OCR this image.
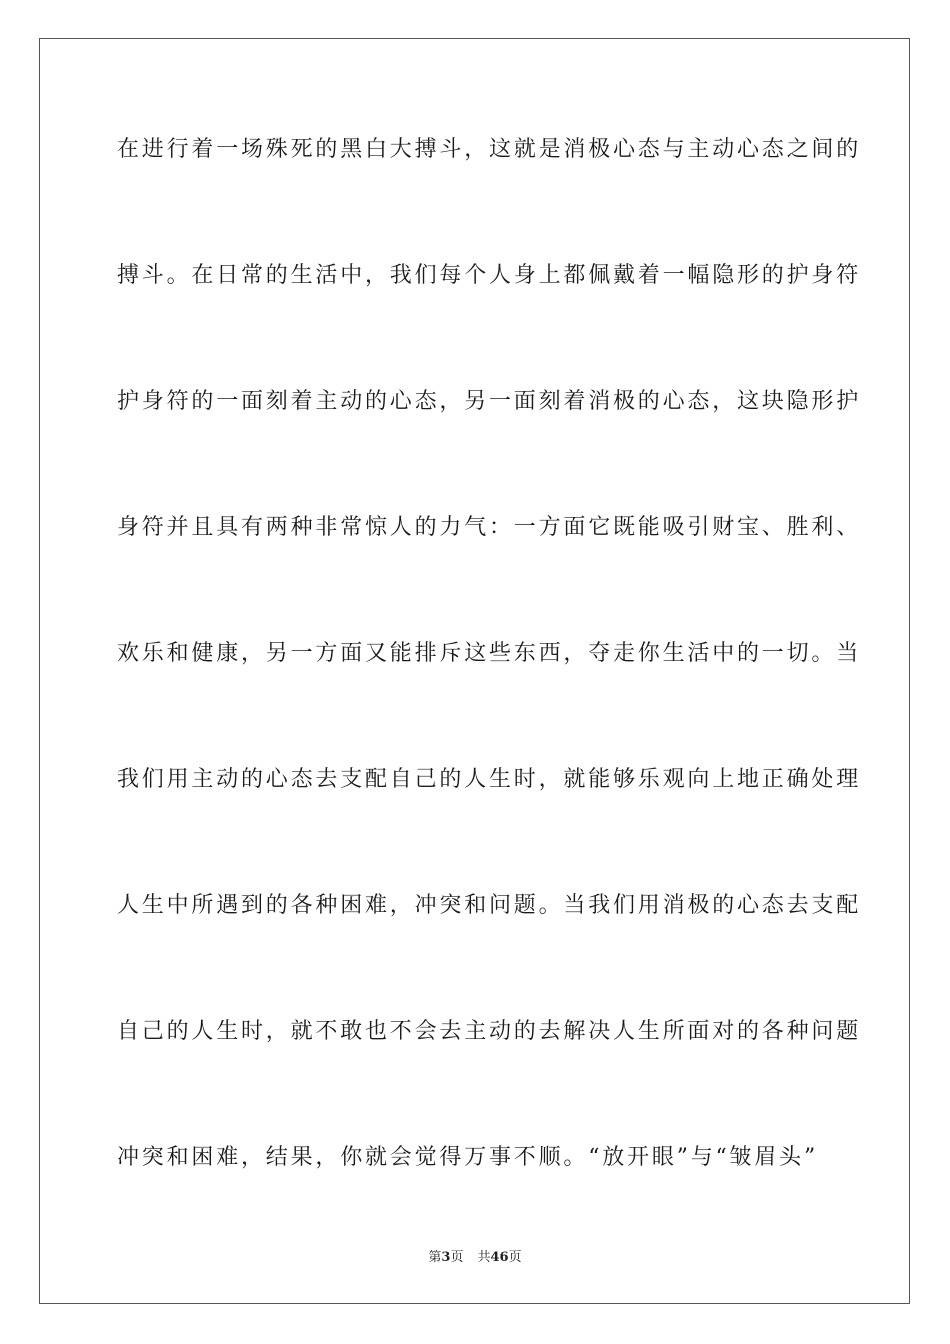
在进行着一场殊死的黑白大搏斗，这就是消极心态与主动心态之间的
搏斗。在日常的生活中，我们每个人身上都佩戴着一幅隐形的护身符
护身符的一面刻着主动的心态，另一面刻着消极的心态，这块隐形护
身符并且具有两种非常惊人的力气：一方面它既能吸引财宝、胜利、
欢乐和健康，另一方面又能排斥这些东西，夺走你生活中的一切。当
我们用主动的心态去支配自己的人生时，就能够乐观向上地正确处理
人生中所遇到的各种困难，冲突和问题。当我们用消极的心态去支配
自己的人生时，就不敢也不会去主动的去解决人生所面对的各种问题
冲突和困难，结果，你就会觉得万事不顺。“放开眼”与“皱眉头”
第3页 共46页
